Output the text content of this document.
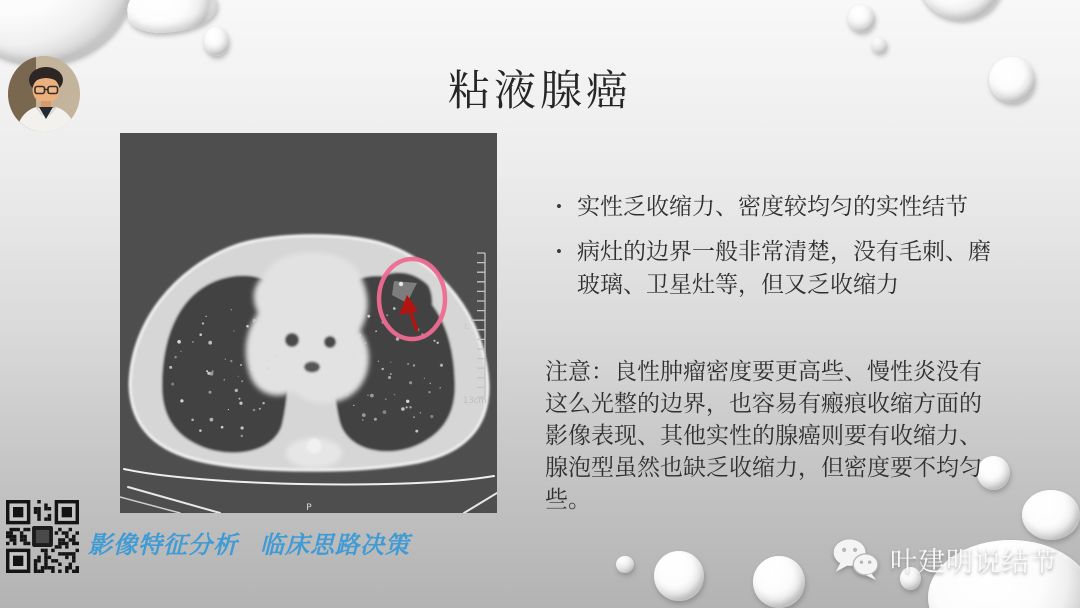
粘液腺癌
L
13cm
P
• 实性乏收缩力、密度较均匀的实性结节
• 病灶的边界一般非常清楚，没有毛刺、磨
玻璃、卫星灶等，但又乏收缩力
注意：良性肿瘤密度要更高些、慢性炎没有
这么光整的边界，也容易有瘢痕收缩方面的
影像表现、其他实性的腺癌则要有收缩力、
腺泡型虽然也缺乏收缩力，但密度要不均匀
些。
影像特征分析 临床思路决策
叶建明说结节
